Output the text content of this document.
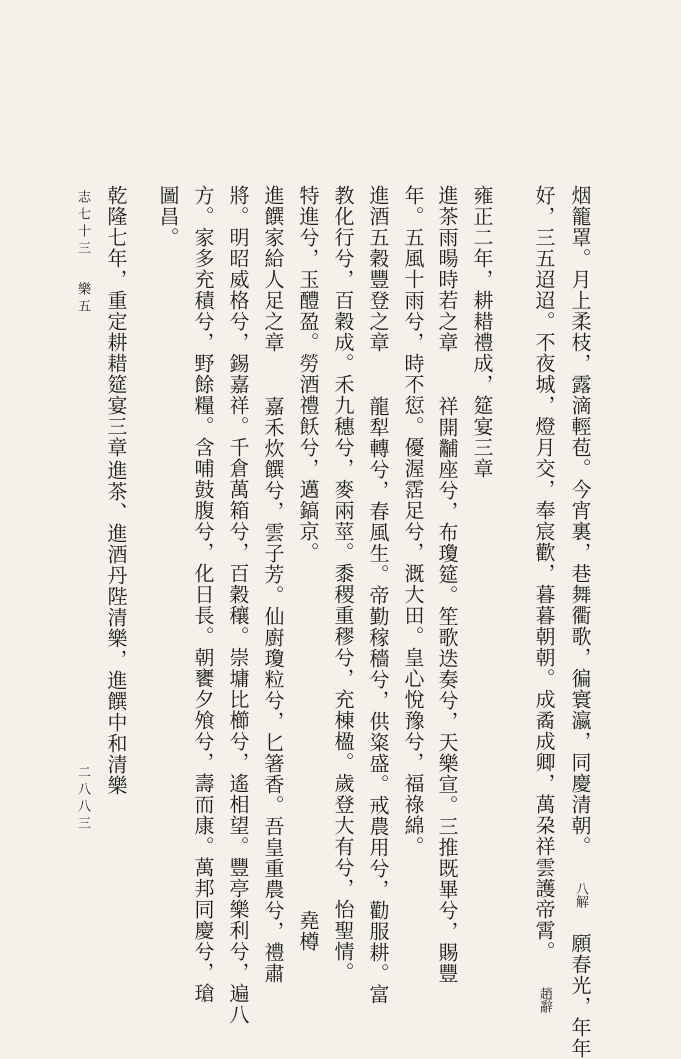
烟籠罩。月上柔枝，露滴輕苞。今宵裏，巷舞衢歌，徧寰瀛，同慶清朝。 八解 願春光，年年
好，三五迢迢。不夜城，燈月交，奉宸歡，暮暮朝朝。成矞成卿，萬朶祥雲護帝霄。 趙辭
雍正二年，耕耤禮成，筵宴三章
進茶雨暘時若之章 祥開黼座兮，布瓊筵。笙歌迭奏兮，天樂宣。三推既畢兮，賜豐
年。五風十雨兮，時不愆。優渥霑足兮，溉大田。皇心悅豫兮，福祿綿。
進酒五穀豐登之章 龍犁轉兮，春風生。帝勤稼穡兮，供粢盛。戒農用兮，勸服耕。富
教化行兮，百穀成。禾九穗兮，麥兩莖。黍稷重穋兮，充棟楹。歲登大有兮，怡聖情。
特進兮，玉醴盈。勞酒禮飫兮，邁鎬京。 堯樽
進饌家給人足之章 嘉禾炊饌兮，雲子芳。仙廚瓊粒兮，匕箸香。吾皇重農兮，禮肅
將。明昭威格兮，錫嘉祥。千倉萬箱兮，百穀穰。崇墉比櫛兮，遙相望。豐亭樂利兮，遍八
方。家多充積兮，野餘糧。含哺鼓腹兮，化日長。朝饔夕飧兮，壽而康。萬邦同慶兮，瑲
圖昌。
乾隆七年，重定耕耤筵宴三章
進茶、進酒丹陛清樂，進饌中和清樂
志七十三
樂五
二八八三
